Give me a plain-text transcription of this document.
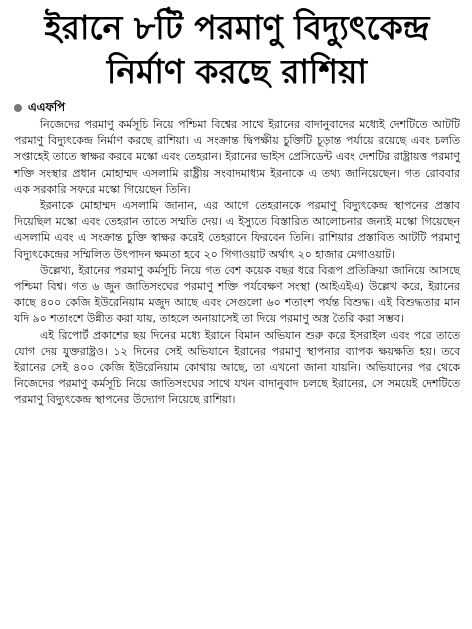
ইরানে ৮টি পরমাণু বিদ্যুৎকেন্দ্র
নির্মাণ করছে রাশিয়া
এএফপি

নিজেদের পরমাণু কর্মসূচি নিয়ে পশ্চিমা বিশ্বের সাথে ইরানের বাদানুবাদের মধ্যেই দেশটিতে আটটি পরমাণু বিদ্যুৎকেন্দ্র নির্মাণ করছে রাশিয়া। এ সংক্রান্ত দ্বিপক্ষীয় চুক্তিটি চূড়ান্ত পর্যায়ে রয়েছে এবং চলতি সপ্তাহেই তাতে স্বাক্ষর করবে মস্কো এবং তেহরান। ইরানের ভাইস প্রেসিডেন্ট এবং দেশটির রাষ্ট্রায়ত্ত পরমাণু শক্তি সংস্থার প্রধান মোহাম্মদ এসলামি রাষ্ট্রীয় সংবাদমাধ্যম ইরনাকে এ তথ্য জানিয়েছেন। গত রোববার এক সরকারি সফরে মস্কো গিয়েছেন তিনি।

ইরনাকে মোহাম্মদ এসলামি জানান, এর আগে তেহরানকে পরমাণু বিদ্যুৎকেন্দ্র স্থাপনের প্রস্তাব দিয়েছিল মস্কো এবং তেহরান তাতে সম্মতি দেয়। এ ইস্যুতে বিস্তারিত আলোচনার জন্যই মস্কো গিয়েছেন এসলামি এবং এ সংক্রান্ত চুক্তি স্বাক্ষর করেই তেহরানে ফিরবেন তিনি। রাশিয়ার প্রস্তাবিত আটটি পরমাণু বিদ্যুৎকেন্দ্রের সম্মিলিত উৎপাদন ক্ষমতা হবে ২০ গিগাওয়াট অর্থাৎ ২০ হাজার মেগাওয়াট।

উল্লেখ্য, ইরানের পরমাণু কর্মসূচি নিয়ে গত বেশ কয়েক বছর ধরে বিরূপ প্রতিক্রিয়া জানিয়ে আসছে পশ্চিমা বিশ্ব। গত ৬ জুন জাতিসংঘের পরমাণু শক্তি পর্যবেক্ষণ সংস্থা (আইএইএ) উল্লেখ করে, ইরানের কাছে ৪০০ কেজি ইউরেনিয়াম মজুদ আছে এবং সেগুলো ৬০ শতাংশ পর্যন্ত বিশুদ্ধ। এই বিশুদ্ধতার মান যদি ৯০ শতাংশে উন্নীত করা যায়, তাহলে অনায়াসেই তা দিয়ে পরমাণু অস্ত্র তৈরি করা সম্ভব।

এই রিপোর্ট প্রকাশের ছয় দিনের মধ্যে ইরানে বিমান অভিযান শুরু করে ইসরাইল এবং পরে তাতে যোগ দেয় যুক্তরাষ্ট্রও। ১২ দিনের সেই অভিযানে ইরানের পরমাণু স্থাপনার ব্যাপক ক্ষয়ক্ষতি হয়। তবে ইরানের সেই ৪০০ কেজি ইউরেনিয়াম কোথায় আছে, তা এখনো জানা যায়নি। অভিযানের পর থেকে নিজেদের পরমাণু কর্মসূচি নিয়ে জাতিসংঘের সাথে যখন বাদানুবাদ চলছে ইরানের, সে সময়েই দেশটিতে পরমাণু বিদ্যুৎকেন্দ্র স্থাপনের উদ্যোগ নিয়েছে রাশিয়া।
